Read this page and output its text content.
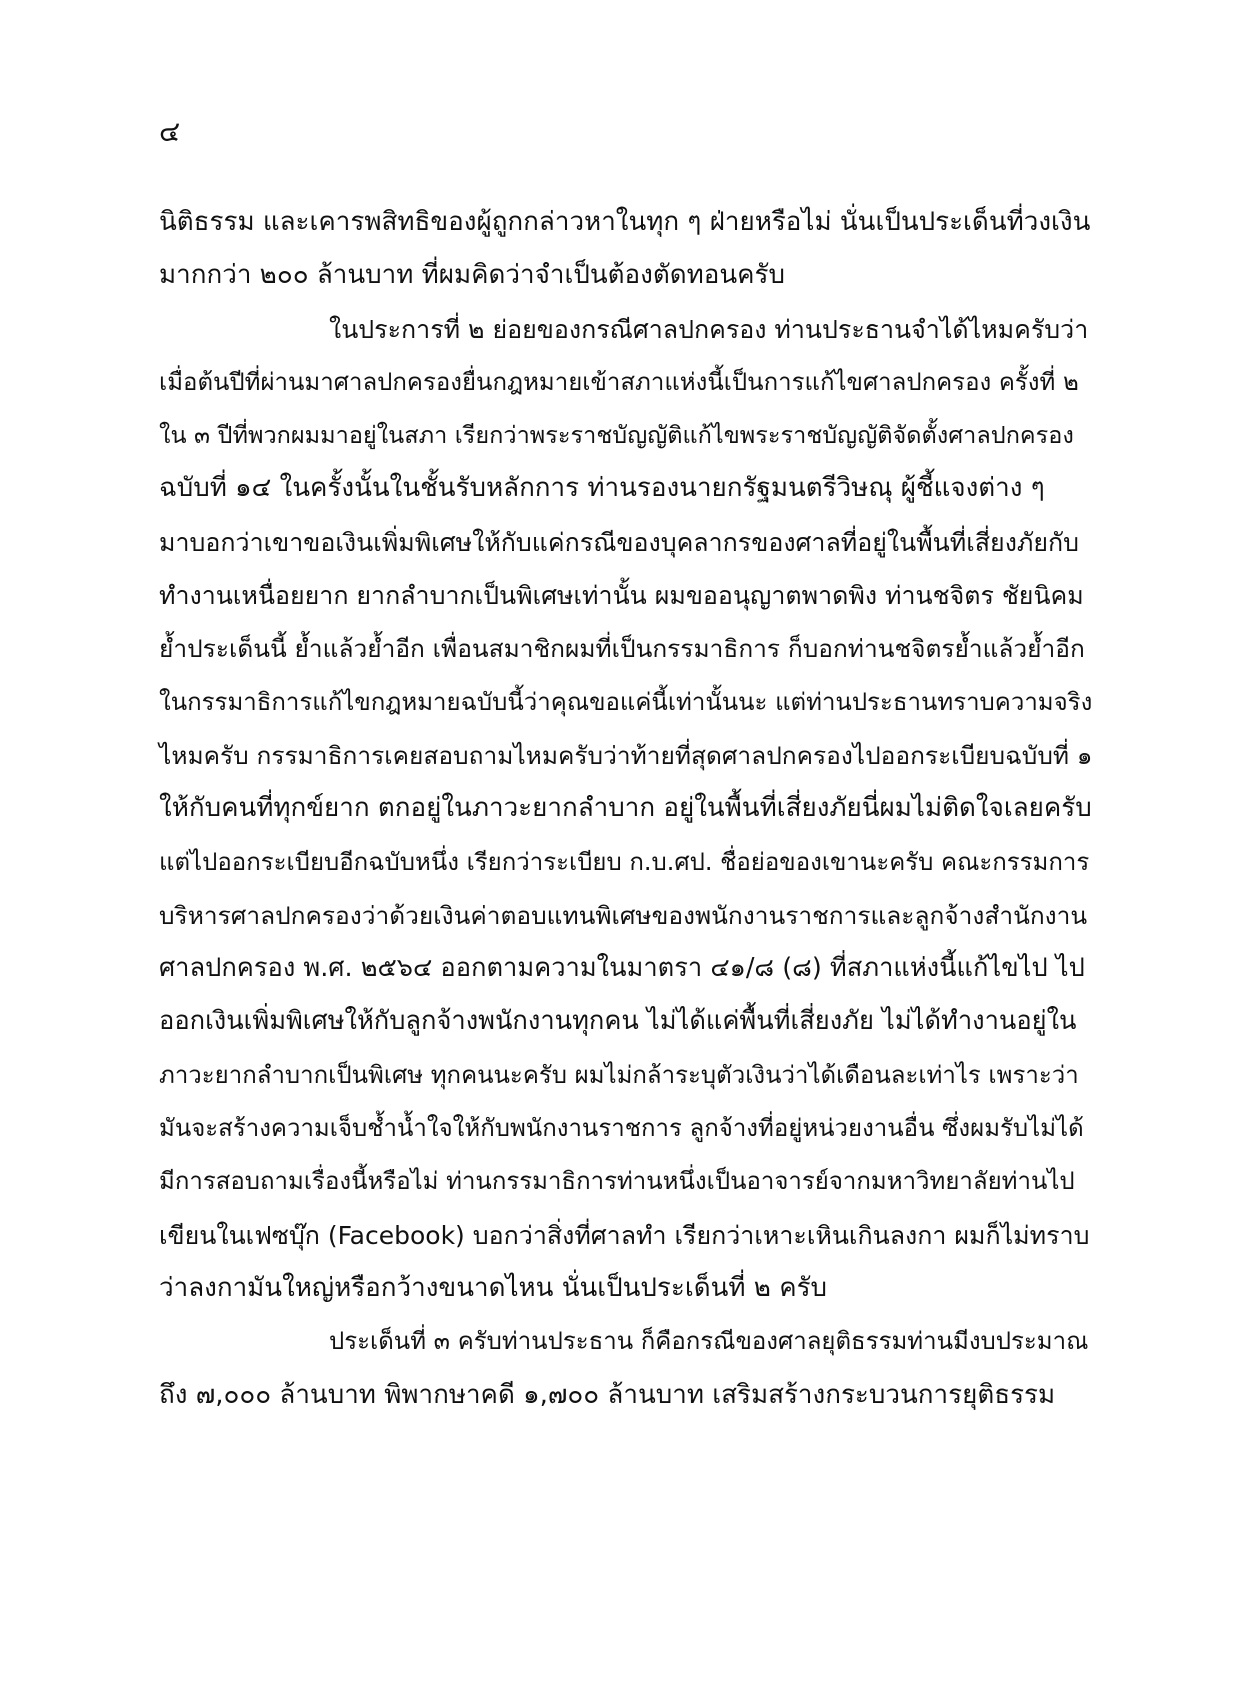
๔
นิติธรรม และเคารพสิทธิของผู้ถูกกล่าวหาในทุก ๆ ฝ่ายหรือไม่ นั่นเป็นประเด็นที่วงเงิน
มากกว่า ๒๐๐ ล้านบาท ที่ผมคิดว่าจำเป็นต้องตัดทอนครับ
ในประการที่ ๒ ย่อยของกรณีศาลปกครอง ท่านประธานจำได้ไหมครับว่า
เมื่อต้นปีที่ผ่านมาศาลปกครองยื่นกฎหมายเข้าสภาแห่งนี้เป็นการแก้ไขศาลปกครอง ครั้งที่ ๒
ใน ๓ ปีที่พวกผมมาอยู่ในสภา เรียกว่าพระราชบัญญัติแก้ไขพระราชบัญญัติจัดตั้งศาลปกครอง
ฉบับที่ ๑๔ ในครั้งนั้นในชั้นรับหลักการ ท่านรองนายกรัฐมนตรีวิษณุ ผู้ชี้แจงต่าง ๆ
มาบอกว่าเขาขอเงินเพิ่มพิเศษให้กับแค่กรณีของบุคลากรของศาลที่อยู่ในพื้นที่เสี่ยงภัยกับ
ทำงานเหนื่อยยาก ยากลำบากเป็นพิเศษเท่านั้น ผมขออนุญาตพาดพิง ท่านชจิตร ชัยนิคม
ย้ำประเด็นนี้ ย้ำแล้วย้ำอีก เพื่อนสมาชิกผมที่เป็นกรรมาธิการ ก็บอกท่านชจิตรย้ำแล้วย้ำอีก
ในกรรมาธิการแก้ไขกฎหมายฉบับนี้ว่าคุณขอแค่นี้เท่านั้นนะ แต่ท่านประธานทราบความจริง
ไหมครับ กรรมาธิการเคยสอบถามไหมครับว่าท้ายที่สุดศาลปกครองไปออกระเบียบฉบับที่ ๑
ให้กับคนที่ทุกข์ยาก ตกอยู่ในภาวะยากลำบาก อยู่ในพื้นที่เสี่ยงภัยนี่ผมไม่ติดใจเลยครับ
แต่ไปออกระเบียบอีกฉบับหนึ่ง เรียกว่าระเบียบ ก.บ.ศป. ชื่อย่อของเขานะครับ คณะกรรมการ
บริหารศาลปกครองว่าด้วยเงินค่าตอบแทนพิเศษของพนักงานราชการและลูกจ้างสำนักงาน
ศาลปกครอง พ.ศ. ๒๕๖๔ ออกตามความในมาตรา ๔๑/๘ (๘) ที่สภาแห่งนี้แก้ไขไป ไป
ออกเงินเพิ่มพิเศษให้กับลูกจ้างพนักงานทุกคน ไม่ได้แค่พื้นที่เสี่ยงภัย ไม่ได้ทำงานอยู่ใน
ภาวะยากลำบากเป็นพิเศษ ทุกคนนะครับ ผมไม่กล้าระบุตัวเงินว่าได้เดือนละเท่าไร เพราะว่า
มันจะสร้างความเจ็บช้ำน้ำใจให้กับพนักงานราชการ ลูกจ้างที่อยู่หน่วยงานอื่น ซึ่งผมรับไม่ได้
มีการสอบถามเรื่องนี้หรือไม่ ท่านกรรมาธิการท่านหนึ่งเป็นอาจารย์จากมหาวิทยาลัยท่านไป
เขียนในเฟซบุ๊ก (Facebook) บอกว่าสิ่งที่ศาลทำ เรียกว่าเหาะเหินเกินลงกา ผมก็ไม่ทราบ
ว่าลงกามันใหญ่หรือกว้างขนาดไหน นั่นเป็นประเด็นที่ ๒ ครับ
ประเด็นที่ ๓ ครับท่านประธาน ก็คือกรณีของศาลยุติธรรมท่านมีงบประมาณ
ถึง ๗,๐๐๐ ล้านบาท พิพากษาคดี ๑,๗๐๐ ล้านบาท เสริมสร้างกระบวนการยุติธรรม
